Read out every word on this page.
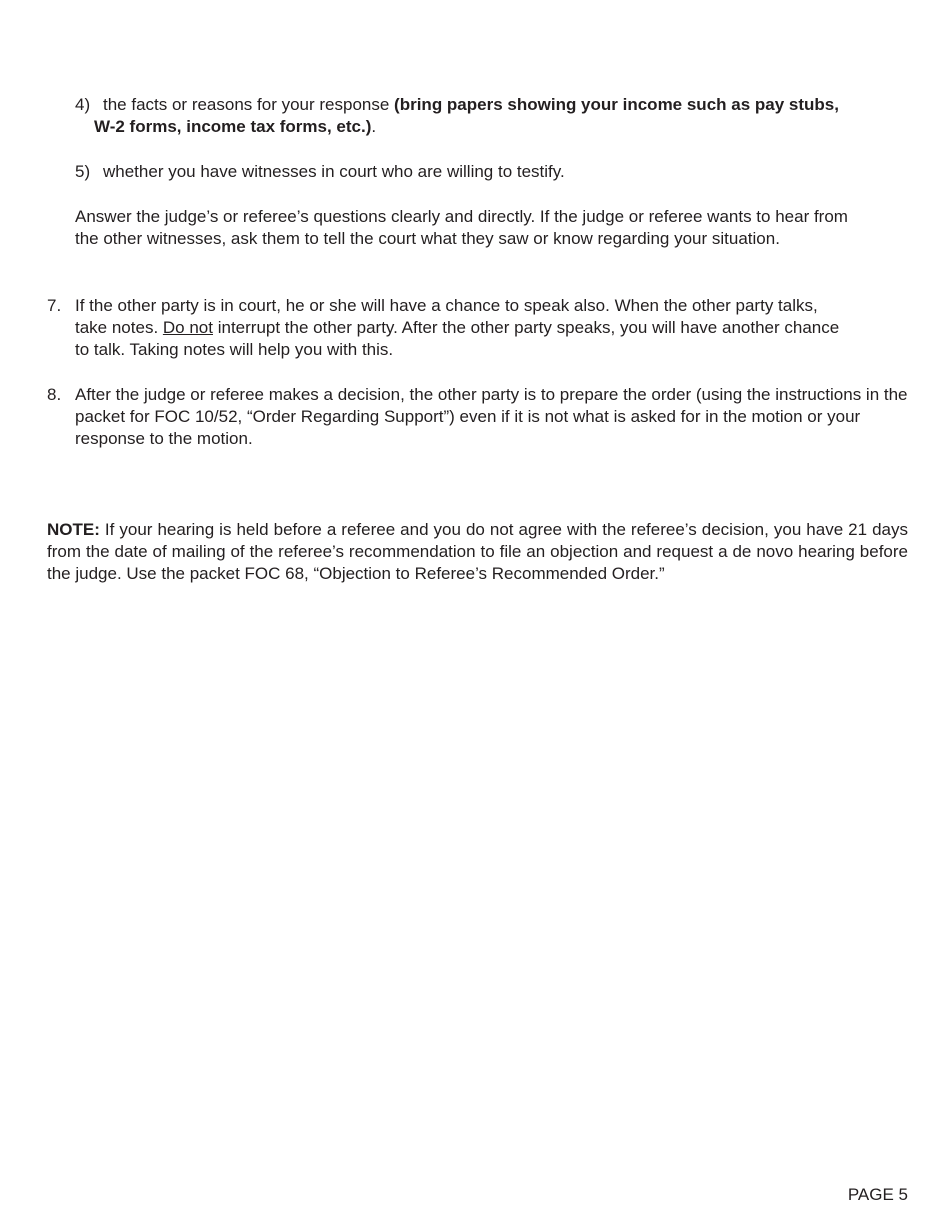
4) the facts or reasons for your response (bring papers showing your income such as pay stubs, W-2 forms, income tax forms, etc.).
5) whether you have witnesses in court who are willing to testify.
Answer the judge’s or referee’s questions clearly and directly. If the judge or referee wants to hear from the other witnesses, ask them to tell the court what they saw or know regarding your situation.
7. If the other party is in court, he or she will have a chance to speak also. When the other party talks, take notes. Do not interrupt the other party. After the other party speaks, you will have another chance to talk. Taking notes will help you with this.
8. After the judge or referee makes a decision, the other party is to prepare the order (using the instructions in the packet for FOC 10/52, “Order Regarding Support”) even if it is not what is asked for in the motion or your response to the motion.
NOTE: If your hearing is held before a referee and you do not agree with the referee’s decision, you have 21 days from the date of mailing of the referee’s recommendation to file an objection and request a de novo hearing before the judge. Use the packet FOC 68, “Objection to Referee’s Recommended Order.”
PAGE 5
